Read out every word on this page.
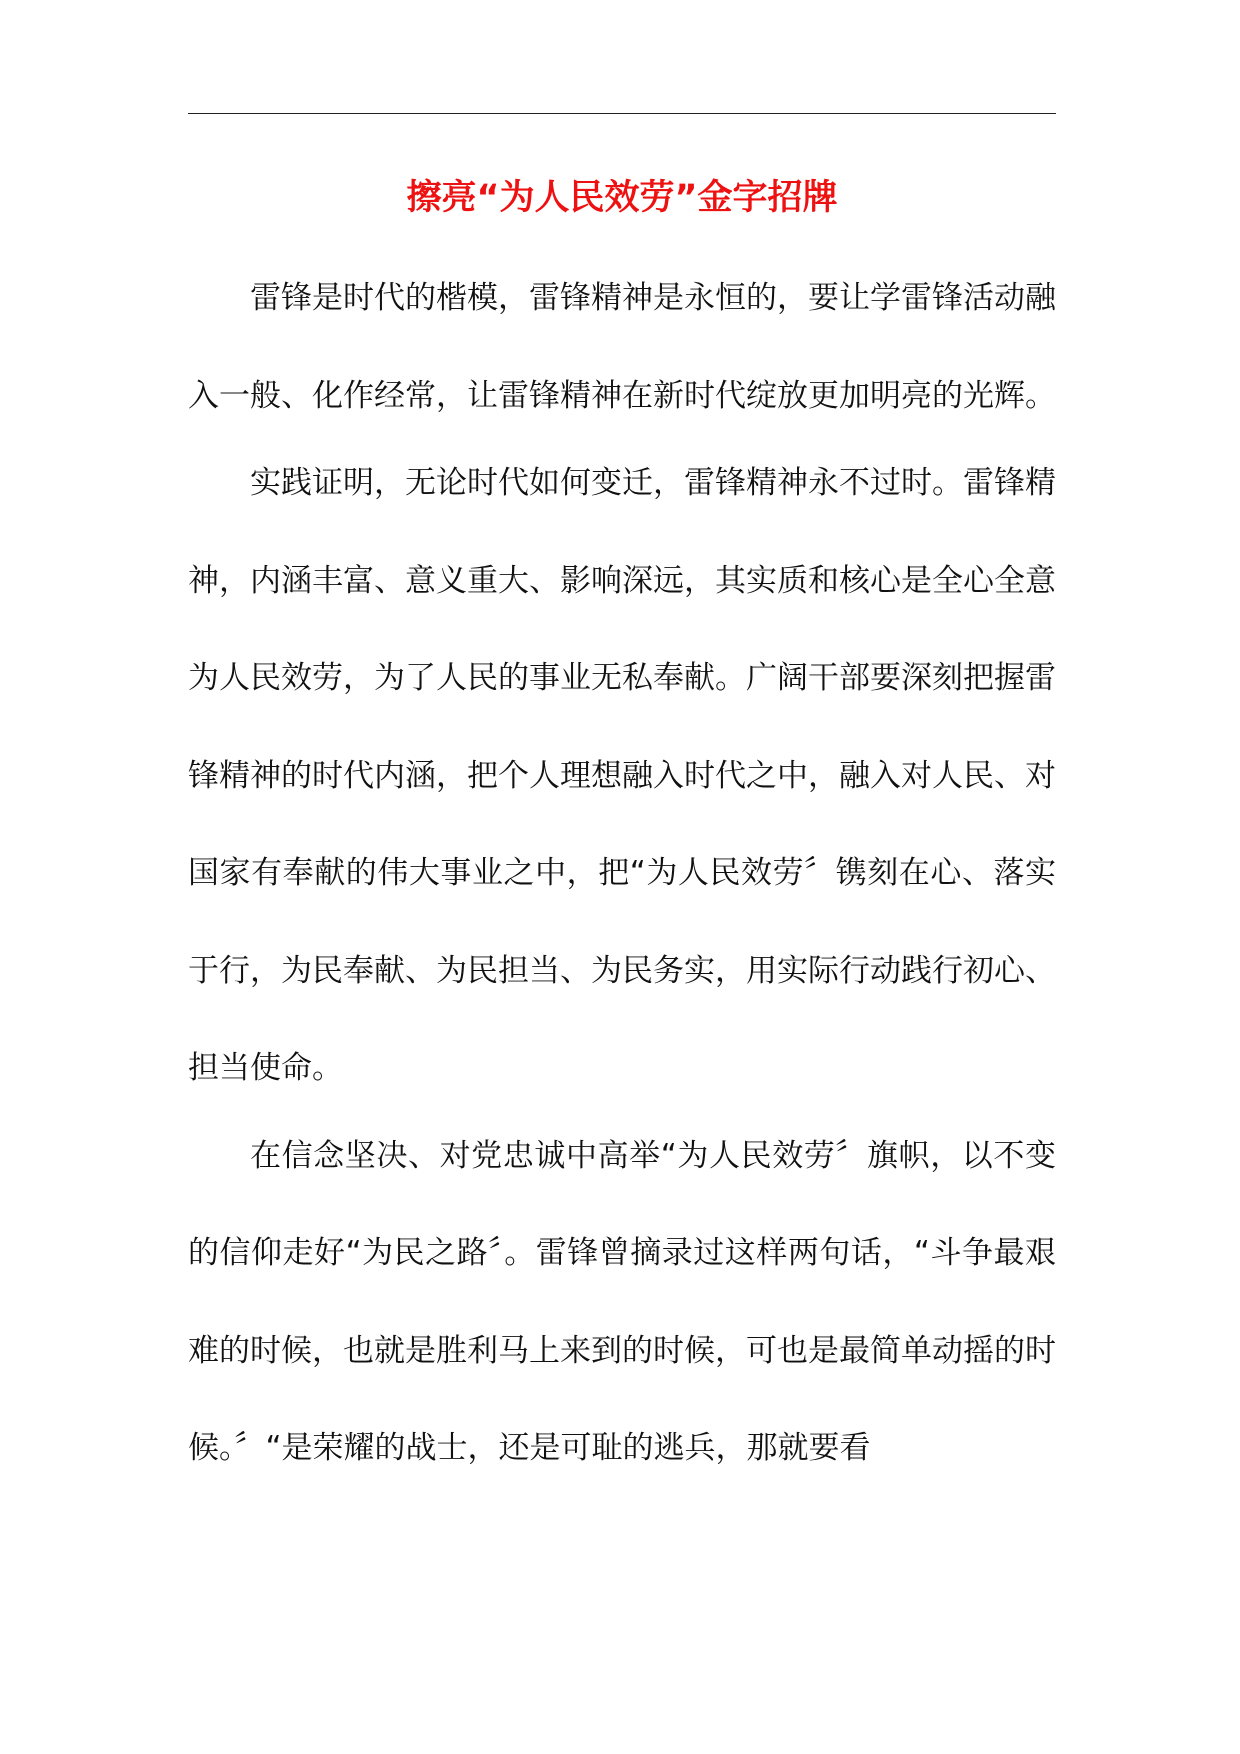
擦亮“为人民效劳”金字招牌

雷锋是时代的楷模，雷锋精神是永恒的，要让学雷锋活动融入一般、化作经常，让雷锋精神在新时代绽放更加明亮的光辉。

实践证明，无论时代如何变迁，雷锋精神永不过时。雷锋精神，内涵丰富、意义重大、影响深远，其实质和核心是全心全意为人民效劳，为了人民的事业无私奉献。广阔干部要深刻把握雷锋精神的时代内涵，把个人理想融入时代之中，融入对人民、对国家有奉献的伟大事业之中，把“为人民效劳〞镌刻在心、落实于行，为民奉献、为民担当、为民务实，用实际行动践行初心、担当使命。

在信念坚决、对党忠诚中高举“为人民效劳〞旗帜，以不变的信仰走好“为民之路〞。雷锋曾摘录过这样两句话，“斗争最艰难的时候，也就是胜利马上来到的时候，可也是最简单动摇的时候。〞“是荣耀的战士，还是可耻的逃兵，那就要看
